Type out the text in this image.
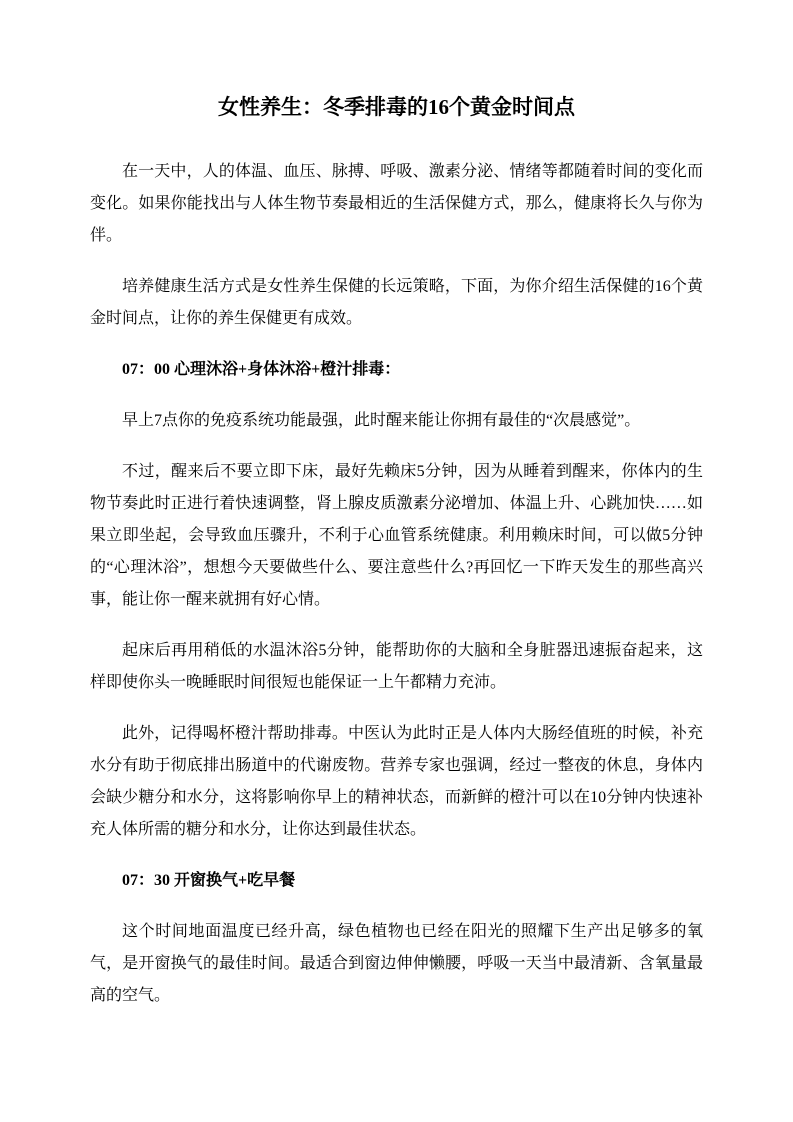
女性养生：冬季排毒的16个黄金时间点

在一天中，人的体温、血压、脉搏、呼吸、激素分泌、情绪等都随着时间的变化而变化。如果你能找出与人体生物节奏最相近的生活保健方式，那么，健康将长久与你为伴。

培养健康生活方式是女性养生保健的长远策略，下面，为你介绍生活保健的16个黄金时间点，让你的养生保健更有成效。

07：00 心理沐浴+身体沐浴+橙汁排毒：

早上7点你的免疫系统功能最强，此时醒来能让你拥有最佳的“次晨感觉”。

不过，醒来后不要立即下床，最好先赖床5分钟，因为从睡着到醒来，你体内的生物节奏此时正进行着快速调整，肾上腺皮质激素分泌增加、体温上升、心跳加快……如果立即坐起，会导致血压骤升，不利于心血管系统健康。利用赖床时间，可以做5分钟的“心理沐浴”，想想今天要做些什么、要注意些什么?再回忆一下昨天发生的那些高兴事，能让你一醒来就拥有好心情。

起床后再用稍低的水温沐浴5分钟，能帮助你的大脑和全身脏器迅速振奋起来，这样即使你头一晚睡眠时间很短也能保证一上午都精力充沛。

此外，记得喝杯橙汁帮助排毒。中医认为此时正是人体内大肠经值班的时候，补充水分有助于彻底排出肠道中的代谢废物。营养专家也强调，经过一整夜的休息，身体内会缺少糖分和水分，这将影响你早上的精神状态，而新鲜的橙汁可以在10分钟内快速补充人体所需的糖分和水分，让你达到最佳状态。

07：30 开窗换气+吃早餐

这个时间地面温度已经升高，绿色植物也已经在阳光的照耀下生产出足够多的氧气，是开窗换气的最佳时间。最适合到窗边伸伸懒腰，呼吸一天当中最清新、含氧量最高的空气。
